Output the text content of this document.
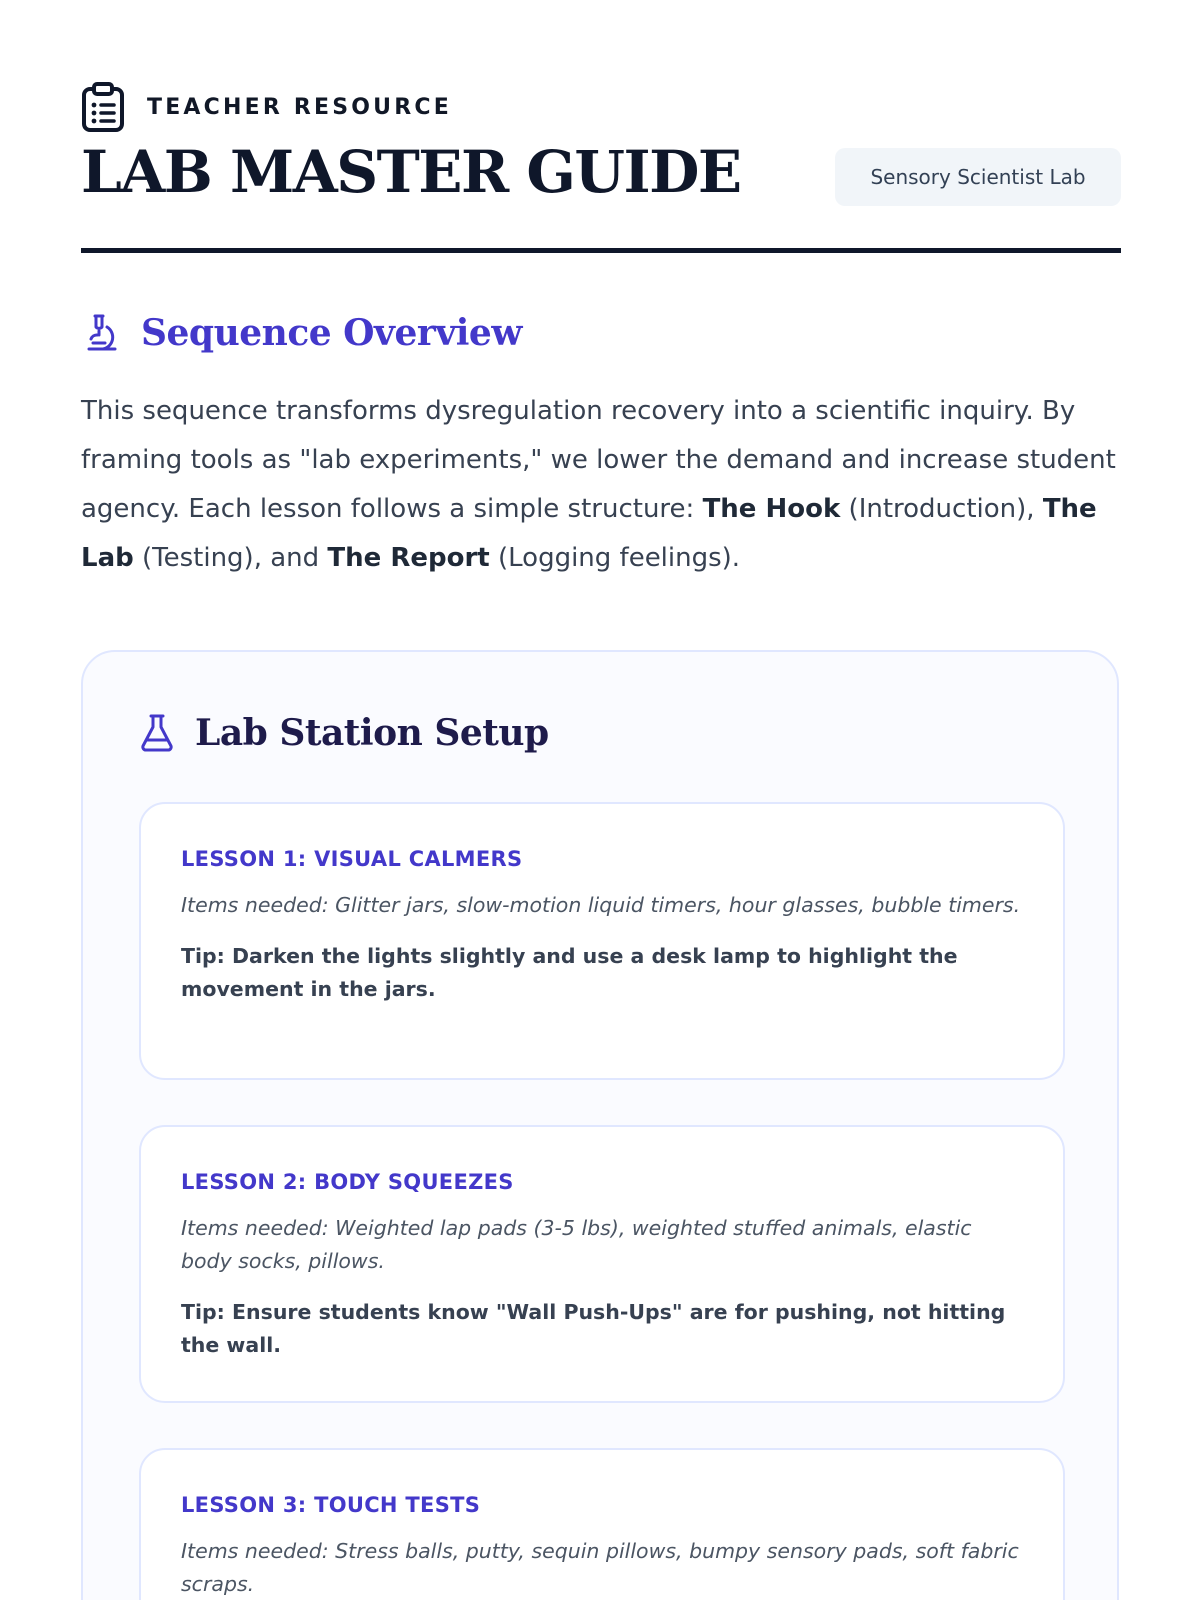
TEACHER RESOURCE
LAB MASTER GUIDE	Sensory Scientist Lab
Sequence Overview

This sequence transforms dysregulation recovery into a scientific inquiry. By framing tools as "lab experiments," we lower the demand and increase student agency. Each lesson follows a simple structure: The Hook (Introduction), The Lab (Testing), and The Report (Logging feelings).

Lab Station Setup
LESSON 1: VISUAL CALMERS

Items needed: Glitter jars, slow-motion liquid timers, hour glasses, bubble timers.

Tip: Darken the lights slightly and use a desk lamp to highlight the movement in the jars.

LESSON 2: BODY SQUEEZES

Items needed: Weighted lap pads (3-5 lbs), weighted stuffed animals, elastic body socks, pillows.

Tip: Ensure students know "Wall Push-Ups" are for pushing, not hitting the wall.

LESSON 3: TOUCH TESTS

Items needed: Stress balls, putty, sequin pillows, bumpy sensory pads, soft fabric scraps.
